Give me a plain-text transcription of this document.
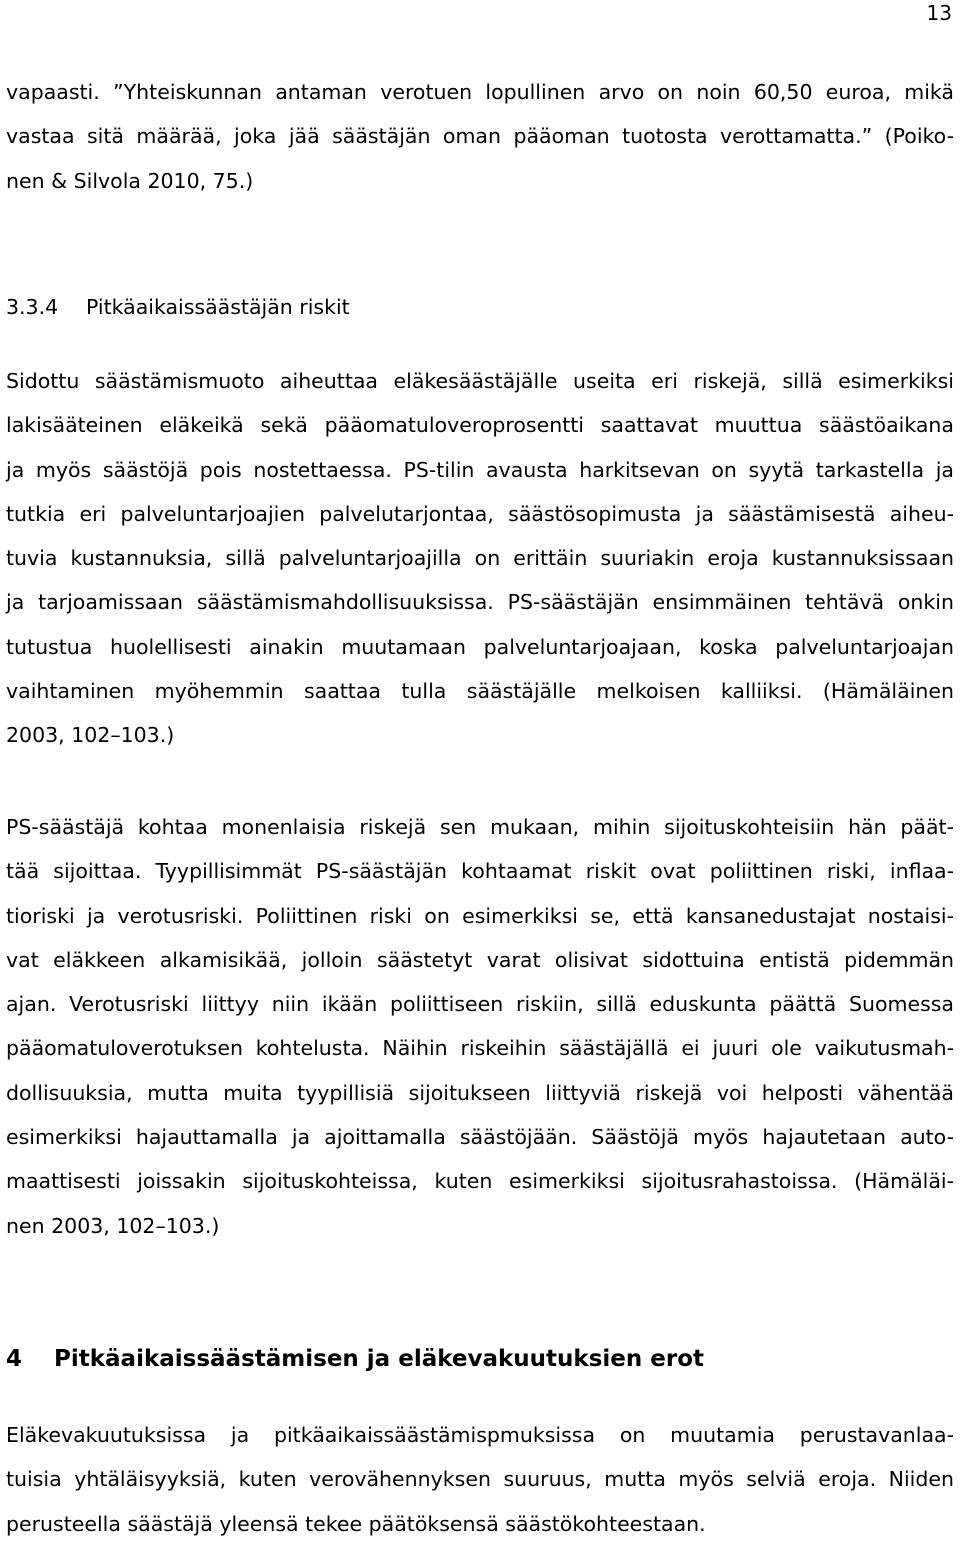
13
vapaasti. ”Yhteiskunnan antaman verotuen lopullinen arvo on noin 60,50 euroa, mikä
vastaa sitä määrää, joka jää säästäjän oman pääoman tuotosta verottamatta.” (Poiko-
nen & Silvola 2010, 75.)
3.3.4 Pitkäaikaissäästäjän riskit
Sidottu säästämismuoto aiheuttaa eläkesäästäjälle useita eri riskejä, sillä esimerkiksi
lakisääteinen eläkeikä sekä pääomatuloveroprosentti saattavat muuttua säästöaikana
ja myös säästöjä pois nostettaessa. PS-tilin avausta harkitsevan on syytä tarkastella ja
tutkia eri palveluntarjoajien palvelutarjontaa, säästösopimusta ja säästämisestä aiheu-
tuvia kustannuksia, sillä palveluntarjoajilla on erittäin suuriakin eroja kustannuksissaan
ja tarjoamissaan säästämismahdollisuuksissa. PS-säästäjän ensimmäinen tehtävä onkin
tutustua huolellisesti ainakin muutamaan palveluntarjoajaan, koska palveluntarjoajan
vaihtaminen myöhemmin saattaa tulla säästäjälle melkoisen kalliiksi. (Hämäläinen
2003, 102–103.)
PS-säästäjä kohtaa monenlaisia riskejä sen mukaan, mihin sijoituskohteisiin hän päät-
tää sijoittaa. Tyypillisimmät PS-säästäjän kohtaamat riskit ovat poliittinen riski, inflaa-
tioriski ja verotusriski. Poliittinen riski on esimerkiksi se, että kansanedustajat nostaisi-
vat eläkkeen alkamisikää, jolloin säästetyt varat olisivat sidottuina entistä pidemmän
ajan. Verotusriski liittyy niin ikään poliittiseen riskiin, sillä eduskunta päättä Suomessa
pääomatuloverotuksen kohtelusta. Näihin riskeihin säästäjällä ei juuri ole vaikutusmah-
dollisuuksia, mutta muita tyypillisiä sijoitukseen liittyviä riskejä voi helposti vähentää
esimerkiksi hajauttamalla ja ajoittamalla säästöjään. Säästöjä myös hajautetaan auto-
maattisesti joissakin sijoituskohteissa, kuten esimerkiksi sijoitusrahastoissa. (Hämäläi-
nen 2003, 102–103.)
4 Pitkäaikaissäästämisen ja eläkevakuutuksien erot
Eläkevakuutuksissa ja pitkäaikaissäästämispmuksissa on muutamia perustavanlaa-
tuisia yhtäläisyyksiä, kuten verovähennyksen suuruus, mutta myös selviä eroja. Niiden
perusteella säästäjä yleensä tekee päätöksensä säästökohteestaan.
